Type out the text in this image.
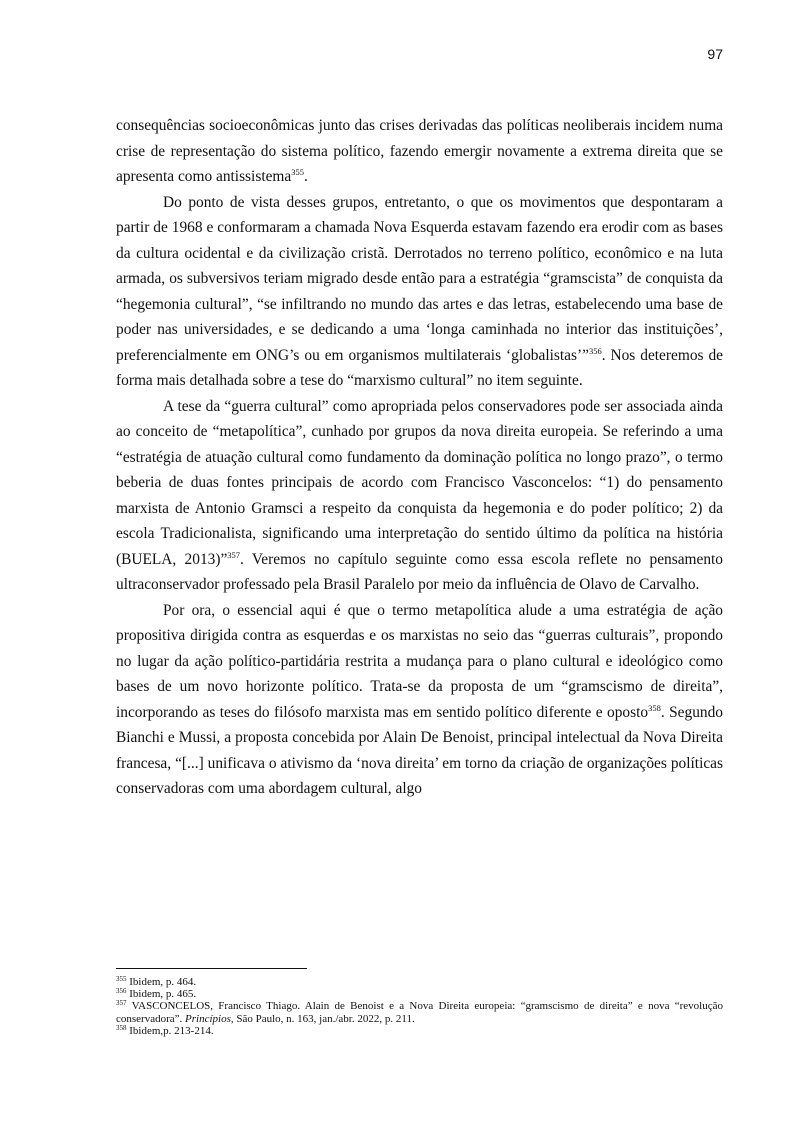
97

consequências socioeconômicas junto das crises derivadas das políticas neoliberais incidem numa crise de representação do sistema político, fazendo emergir novamente a extrema direita que se apresenta como antissistema$^{355}$.

Do ponto de vista desses grupos, entretanto, o que os movimentos que despontaram a partir de 1968 e conformaram a chamada Nova Esquerda estavam fazendo era erodir com as bases da cultura ocidental e da civilização cristã. Derrotados no terreno político, econômico e na luta armada, os subversivos teriam migrado desde então para a estratégia “gramscista” de conquista da “hegemonia cultural”, “se infiltrando no mundo das artes e das letras, estabelecendo uma base de poder nas universidades, e se dedicando a uma ‘longa caminhada no interior das instituições’, preferencialmente em ONG’s ou em organismos multilaterais ‘globalistas’”$^{356}$. Nos deteremos de forma mais detalhada sobre a tese do “marxismo cultural” no item seguinte.

A tese da “guerra cultural” como apropriada pelos conservadores pode ser associada ainda ao conceito de “metapolítica”, cunhado por grupos da nova direita europeia. Se referindo a uma “estratégia de atuação cultural como fundamento da dominação política no longo prazo”, o termo beberia de duas fontes principais de acordo com Francisco Vasconcelos: “1) do pensamento marxista de Antonio Gramsci a respeito da conquista da hegemonia e do poder político; 2) da escola Tradicionalista, significando uma interpretação do sentido último da política na história (BUELA, 2013)”$^{357}$. Veremos no capítulo seguinte como essa escola reflete no pensamento ultraconservador professado pela Brasil Paralelo por meio da influência de Olavo de Carvalho.

Por ora, o essencial aqui é que o termo metapolítica alude a uma estratégia de ação propositiva dirigida contra as esquerdas e os marxistas no seio das “guerras culturais”, propondo no lugar da ação político-partidária restrita a mudança para o plano cultural e ideológico como bases de um novo horizonte político. Trata-se da proposta de um “gramscismo de direita”, incorporando as teses do filósofo marxista mas em sentido político diferente e oposto$^{358}$. Segundo Bianchi e Mussi, a proposta concebida por Alain De Benoist, principal intelectual da Nova Direita francesa, “[...] unificava o ativismo da ‘nova direita’ em torno da criação de organizações políticas conservadoras com uma abordagem cultural, algo

$^{355}$ Ibidem, p. 464.
$^{356}$ Ibidem, p. 465.
$^{357}$ VASCONCELOS, Francisco Thiago. Alain de Benoist e a Nova Direita europeia: “gramscismo de direita” e nova “revolução conservadora”. Princípios, São Paulo, n. 163, jan./abr. 2022, p. 211.
$^{358}$ Ibidem,p. 213-214.
